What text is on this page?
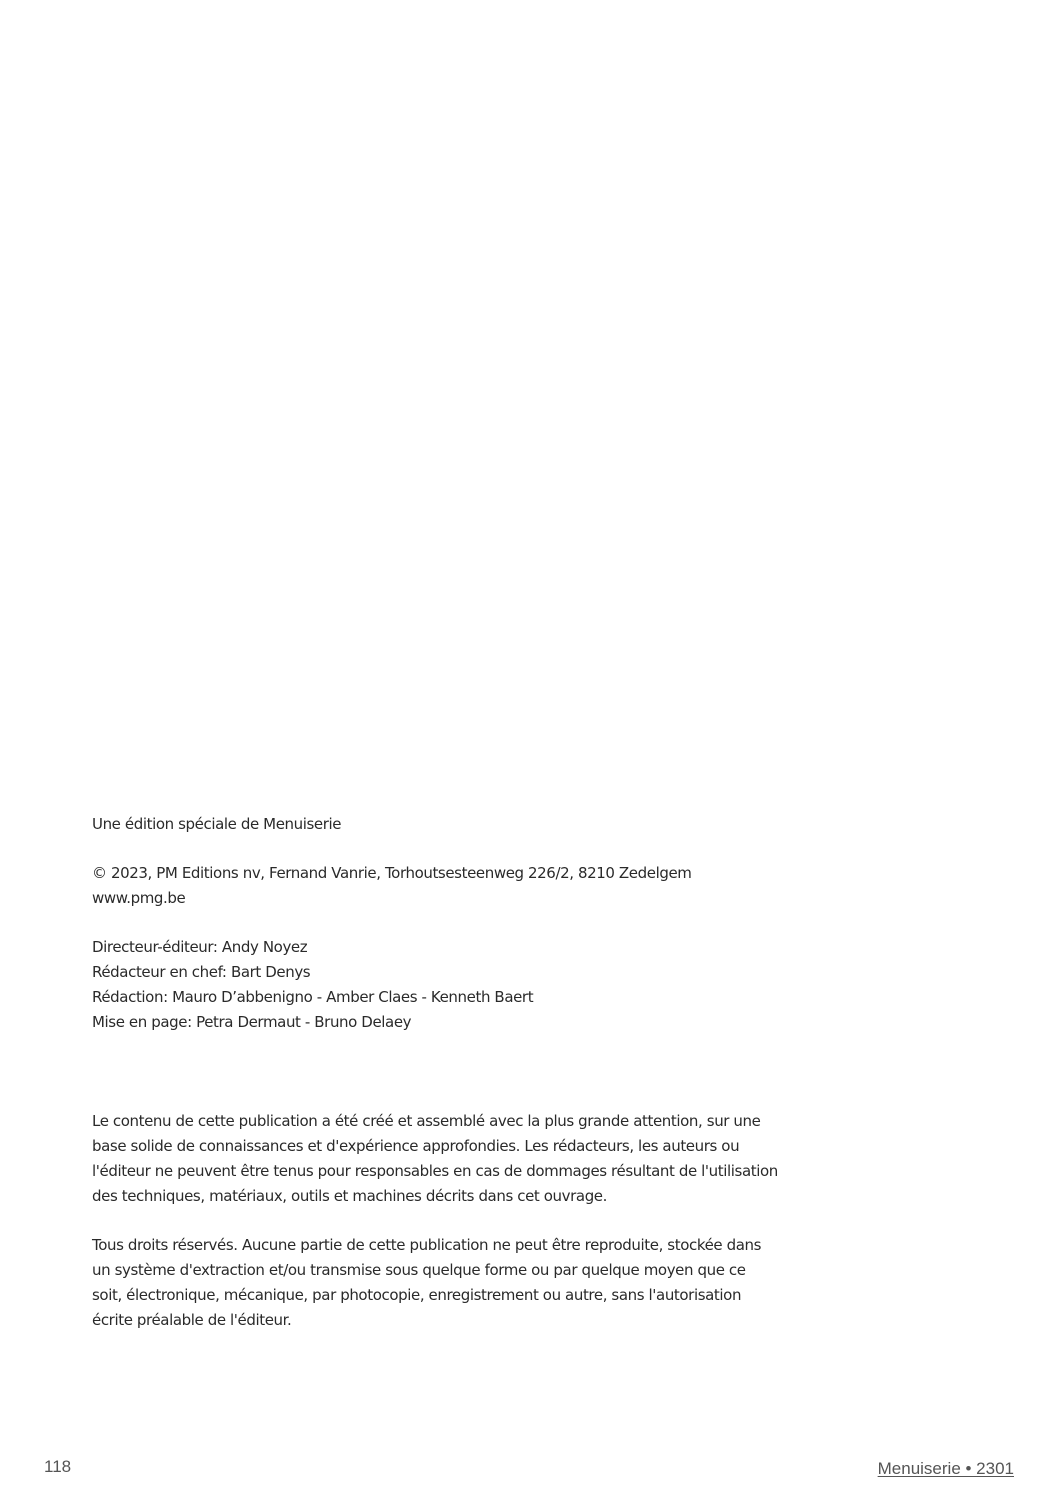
Une édition spéciale de Menuiserie

© 2023, PM Editions nv, Fernand Vanrie, Torhoutsesteenweg 226/2, 8210 Zedelgem
www.pmg.be

Directeur-éditeur: Andy Noyez
Rédacteur en chef: Bart Denys
Rédaction: Mauro D’abbenigno - Amber Claes - Kenneth Baert
Mise en page: Petra Dermaut - Bruno Delaey

Le contenu de cette publication a été créé et assemblé avec la plus grande attention, sur une
base solide de connaissances et d'expérience approfondies. Les rédacteurs, les auteurs ou
l'éditeur ne peuvent être tenus pour responsables en cas de dommages résultant de l'utilisation
des techniques, matériaux, outils et machines décrits dans cet ouvrage.

Tous droits réservés. Aucune partie de cette publication ne peut être reproduite, stockée dans
un système d'extraction et/ou transmise sous quelque forme ou par quelque moyen que ce
soit, électronique, mécanique, par photocopie, enregistrement ou autre, sans l'autorisation
écrite préalable de l'éditeur.

118	Menuiserie • 2301
